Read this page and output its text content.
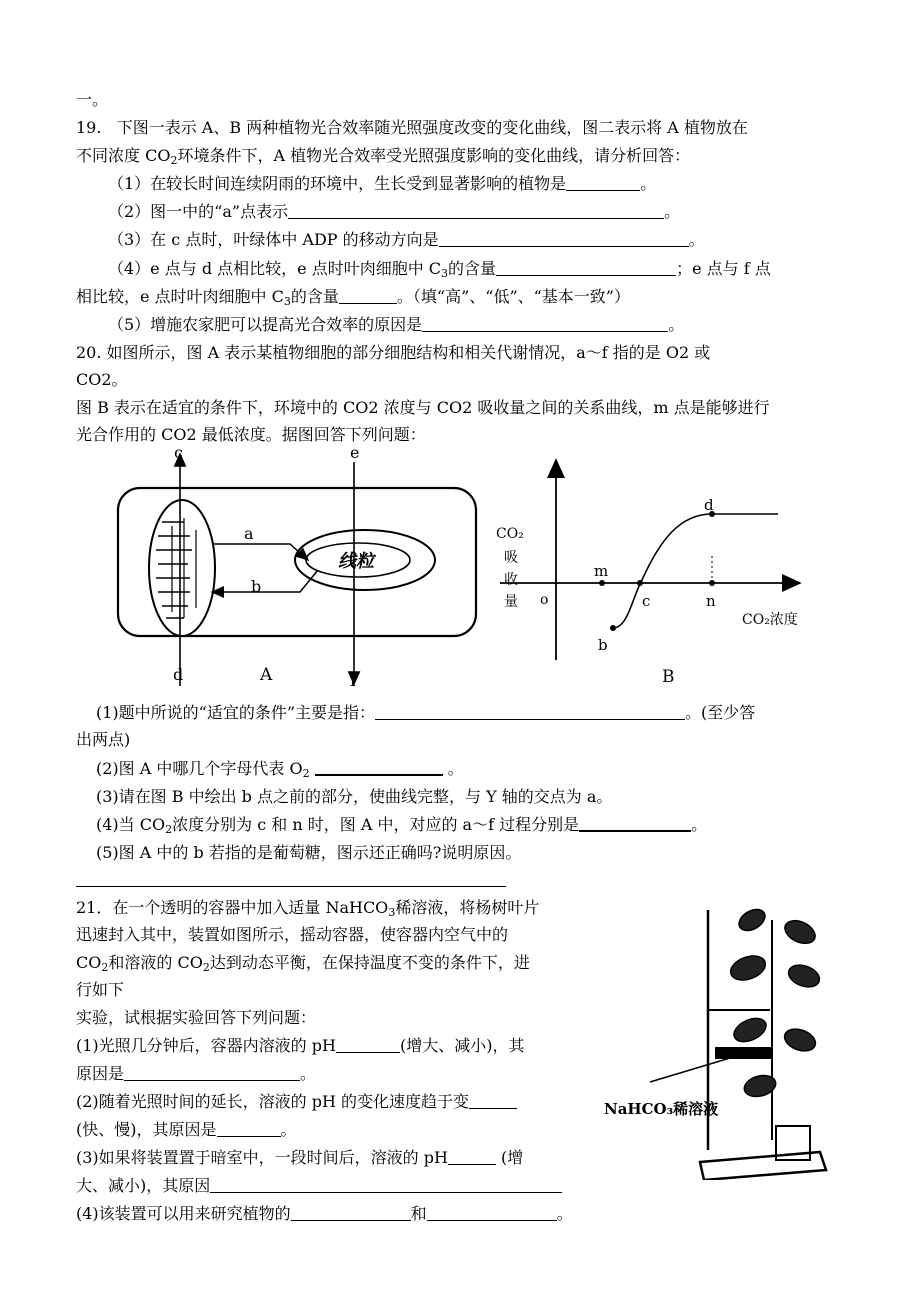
一。
19. 下图一表示 A、B 两种植物光合效率随光照强度改变的变化曲线，图二表示将 A 植物放在
不同浓度 $CO_2$环境条件下，A 植物光合效率受光照强度影响的变化曲线，请分析回答：
（1）在较长时间连续阴雨的环境中，生长受到显著影响的植物是	。
（2）图一中的“a”点表示	。
（3）在 c 点时，叶绿体中 ADP 的移动方向是	。
（4）e 点与 d 点相比较，e 点时叶肉细胞中 $C_3$的含量	；e 点与 f 点
相比较，e 点时叶肉细胞中 $C_3$的含量	。（填“高”、“低”、“基本一致”）
（5）增施农家肥可以提高光合效率的原因是	。
20. 如图所示，图 A 表示某植物细胞的部分细胞结构和相关代谢情况，a～f 指的是 O2 或
CO2。
图 B 表示在适宜的条件下，环境中的 CO2 浓度与 CO2 吸收量之间的关系曲线，m 点是能够进行
光合作用的 CO2 最低浓度。据图回答下列问题：
线粒
c	e
a
b
d	f
A
CO₂
吸
收
量 o
m
c	n
b
d
CO₂浓度
B
(1)题中所说的“适宜的条件”主要是指：	。(至少答
出两点)
(2)图 A 中哪几个字母代表 $O_2$	。
(3)请在图 B 中绘出 b 点之前的部分，使曲线完整，与 Y 轴的交点为 a。
(4)当 $CO_2$浓度分别为 c 和 n 时，图 A 中，对应的 a～f 过程分别是	。
(5)图 A 中的 b 若指的是葡萄糖，图示还正确吗?说明原因。
21．在一个透明的容器中加入适量 NaHCO$_3$稀溶液，将杨树叶片
迅速封入其中，装置如图所示，摇动容器，使容器内空气中的
$CO_2$和溶液的 $CO_2$达到动态平衡，在保持温度不变的条件下，进
行如下
实验，试根据实验回答下列问题：
(1)光照几分钟后，容器内溶液的 pH	(增大、减小)，其
原因是	。
(2)随着光照时间的延长，溶液的 pH 的变化速度趋于变
(快、慢)，其原因是	。
(3)如果将装置置于暗室中，一段时间后，溶液的 pH	(增
大、减小)，其原因
(4)该装置可以用来研究植物的	和	。
NaHCO₃稀溶液
